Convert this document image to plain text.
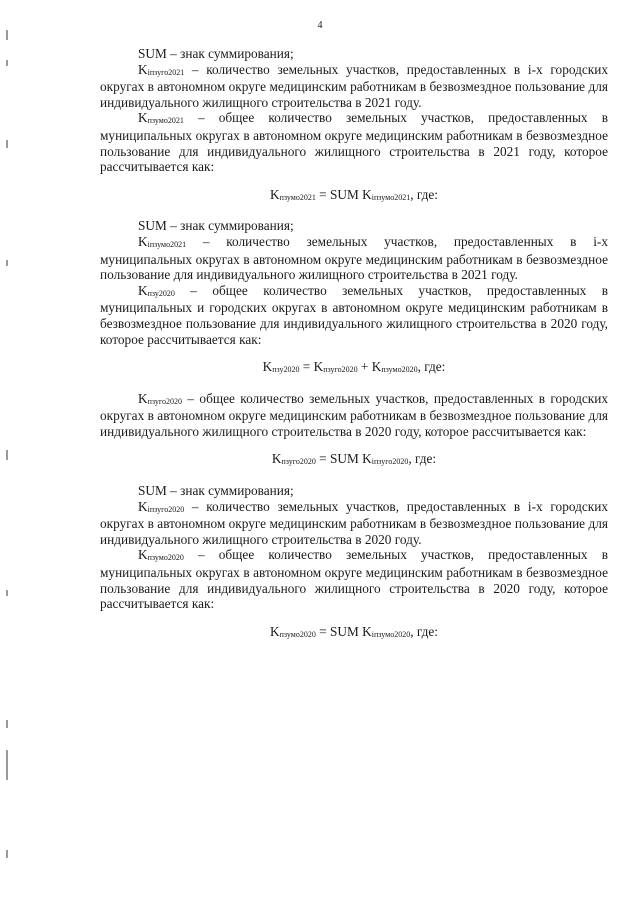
4

SUM – знак суммирования;

$K_{iпзуго2021}$ – количество земельных участков, предоставленных в i-х городских округах в автономном округе медицинским работникам в безвозмездное пользование для индивидуального жилищного строительства в 2021 году.

$K_{пзумо2021}$ – общее количество земельных участков, предоставленных в муниципальных округах в автономном округе медицинским работникам в безвозмездное пользование для индивидуального жилищного строительства в 2021 году, которое рассчитывается как:

$K_{пзумо2021}$ = SUM $K_{iпзумо2021}$, где:

SUM – знак суммирования;

$K_{iпзумо2021}$ – количество земельных участков, предоставленных в i-х муниципальных округах в автономном округе медицинским работникам в безвозмездное пользование для индивидуального жилищного строительства в 2021 году.

$K_{пзу2020}$ – общее количество земельных участков, предоставленных в муниципальных и городских округах в автономном округе медицинским работникам в безвозмездное пользование для индивидуального жилищного строительства в 2020 году, которое рассчитывается как:

$K_{пзу2020} = K_{пзуго2020} + K_{пзумо2020}$, где:

$K_{пзуго2020}$ – общее количество земельных участков, предоставленных в городских округах в автономном округе медицинским работникам в безвозмездное пользование для индивидуального жилищного строительства в 2020 году, которое рассчитывается как:

$K_{пзуго2020}$ = SUM $K_{iпзуго2020}$, где:

SUM – знак суммирования;

$K_{iпзуго2020}$ – количество земельных участков, предоставленных в i-х городских округах в автономном округе медицинским работникам в безвозмездное пользование для индивидуального жилищного строительства в 2020 году.

$K_{пзумо2020}$ – общее количество земельных участков, предоставленных в муниципальных округах в автономном округе медицинским работникам в безвозмездное пользование для индивидуального жилищного строительства в 2020 году, которое рассчитывается как:

$K_{пзумо2020}$ = SUM $K_{iпзумо2020}$, где:
